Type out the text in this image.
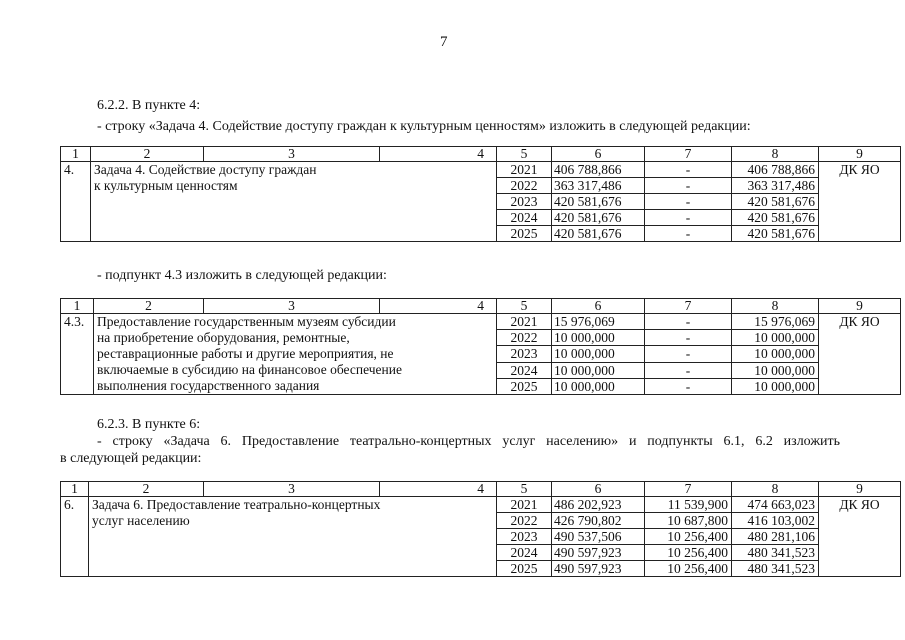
7
6.2.2. В пункте 4:
- строку «Задача 4. Содействие доступу граждан к культурным ценностям» изложить в следующей редакции:
1	2	3	4	5	6	7	8	9
4.	Задача 4. Содействие доступу граждан
к культурным ценностям			2021	406 788,866	-	406 788,866	ДК ЯО
				2022	363 317,486	-	363 317,486	
				2023	420 581,676	-	420 581,676	
				2024	420 581,676	-	420 581,676	
				2025	420 581,676	-	420 581,676	
- подпункт 4.3 изложить в следующей редакции:
1	2	3	4	5	6	7	8	9
4.3.	Предоставление государственным музеям субсидии
на приобретение оборудования, ремонтные,
реставрационные работы и другие мероприятия, не
включаемые в субсидию на финансовое обеспечение
выполнения государственного задания			2021	15 976,069	-	15 976,069	ДК ЯО
				2022	10 000,000	-	10 000,000	
				2023	10 000,000	-	10 000,000	
				2024	10 000,000	-	10 000,000	
				2025	10 000,000	-	10 000,000	
6.2.3. В пункте 6:
- строку «Задача 6. Предоставление театрально-концертных услуг населению» и подпункты 6.1, 6.2 изложить
в следующей редакции:
1	2	3	4	5	6	7	8	9
6.	Задача 6. Предоставление театрально-концертных
услуг населению			2021	486 202,923	11 539,900	474 663,023	ДК ЯО
				2022	426 790,802	10 687,800	416 103,002	
				2023	490 537,506	10 256,400	480 281,106	
				2024	490 597,923	10 256,400	480 341,523	
				2025	490 597,923	10 256,400	480 341,523	
